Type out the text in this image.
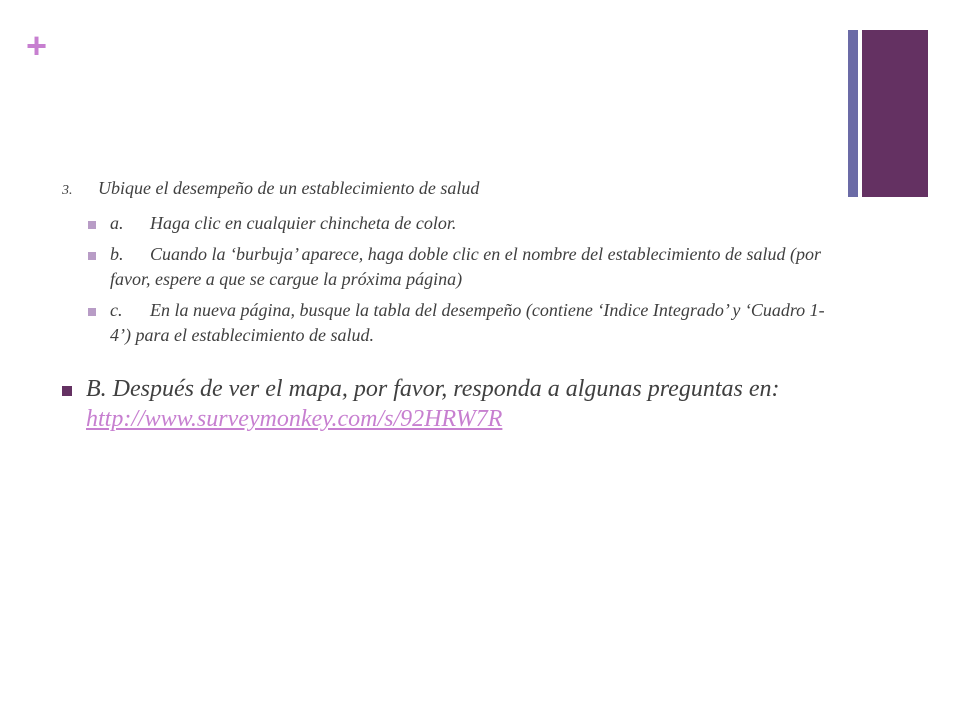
+
3. Ubique el desempeño de un establecimiento de salud
a. Haga clic en cualquier chincheta de color.
b. Cuando la ‘burbuja’ aparece, haga doble clic en el nombre del establecimiento de salud (por favor, espere a que se cargue la próxima página)
c. En la nueva página, busque la tabla del desempeño (contiene ‘Indice Integrado’ y ‘Cuadro 1-4’) para el establecimiento de salud.
B. Después de ver el mapa, por favor, responda a algunas preguntas en: http://www.surveymonkey.com/s/92HRW7R
